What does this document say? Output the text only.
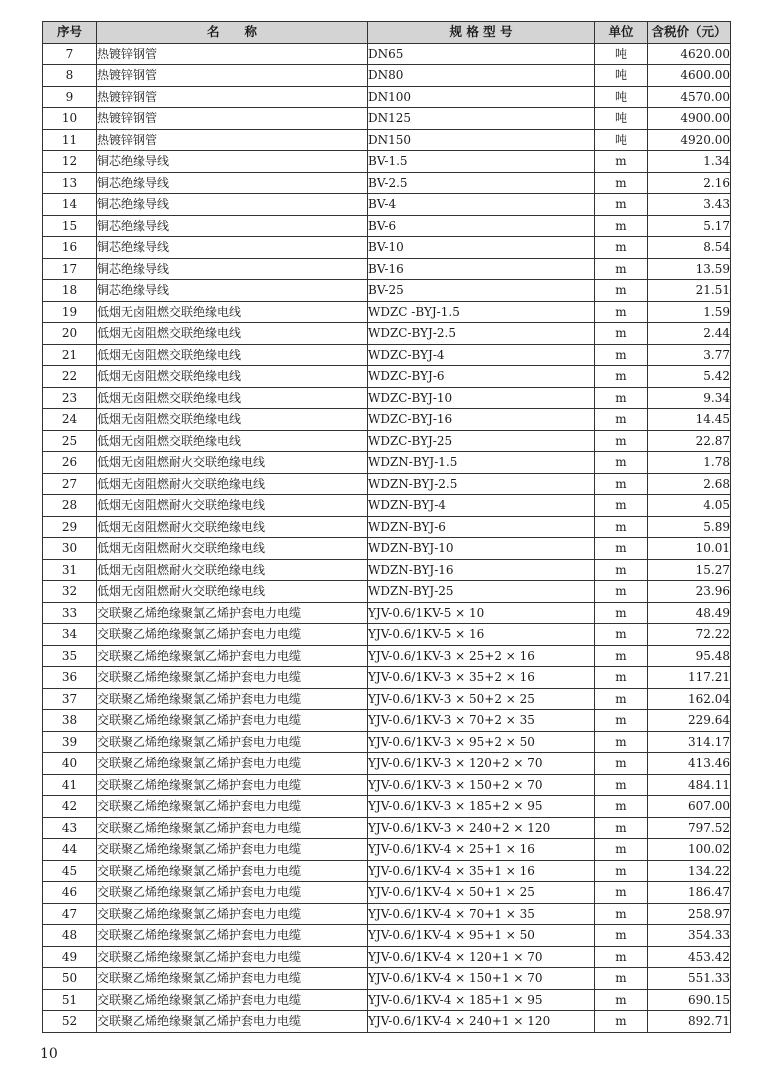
序号	名　　称	规 格 型 号	单位	含税价（元）
7	热镀锌钢管	DN65	吨	4620.00
8	热镀锌钢管	DN80	吨	4600.00
9	热镀锌钢管	DN100	吨	4570.00
10	热镀锌钢管	DN125	吨	4900.00
11	热镀锌钢管	DN150	吨	4920.00
12	铜芯绝缘导线	BV-1.5	m	1.34
13	铜芯绝缘导线	BV-2.5	m	2.16
14	铜芯绝缘导线	BV-4	m	3.43
15	铜芯绝缘导线	BV-6	m	5.17
16	铜芯绝缘导线	BV-10	m	8.54
17	铜芯绝缘导线	BV-16	m	13.59
18	铜芯绝缘导线	BV-25	m	21.51
19	低烟无卤阻燃交联绝缘电线	WDZC -BYJ-1.5	m	1.59
20	低烟无卤阻燃交联绝缘电线	WDZC-BYJ-2.5	m	2.44
21	低烟无卤阻燃交联绝缘电线	WDZC-BYJ-4	m	3.77
22	低烟无卤阻燃交联绝缘电线	WDZC-BYJ-6	m	5.42
23	低烟无卤阻燃交联绝缘电线	WDZC-BYJ-10	m	9.34
24	低烟无卤阻燃交联绝缘电线	WDZC-BYJ-16	m	14.45
25	低烟无卤阻燃交联绝缘电线	WDZC-BYJ-25	m	22.87
26	低烟无卤阻燃耐火交联绝缘电线	WDZN-BYJ-1.5	m	1.78
27	低烟无卤阻燃耐火交联绝缘电线	WDZN-BYJ-2.5	m	2.68
28	低烟无卤阻燃耐火交联绝缘电线	WDZN-BYJ-4	m	4.05
29	低烟无卤阻燃耐火交联绝缘电线	WDZN-BYJ-6	m	5.89
30	低烟无卤阻燃耐火交联绝缘电线	WDZN-BYJ-10	m	10.01
31	低烟无卤阻燃耐火交联绝缘电线	WDZN-BYJ-16	m	15.27
32	低烟无卤阻燃耐火交联绝缘电线	WDZN-BYJ-25	m	23.96
33	交联聚乙烯绝缘聚氯乙烯护套电力电缆	YJV-0.6/1KV-5 × 10	m	48.49
34	交联聚乙烯绝缘聚氯乙烯护套电力电缆	YJV-0.6/1KV-5 × 16	m	72.22
35	交联聚乙烯绝缘聚氯乙烯护套电力电缆	YJV-0.6/1KV-3 × 25+2 × 16	m	95.48
36	交联聚乙烯绝缘聚氯乙烯护套电力电缆	YJV-0.6/1KV-3 × 35+2 × 16	m	117.21
37	交联聚乙烯绝缘聚氯乙烯护套电力电缆	YJV-0.6/1KV-3 × 50+2 × 25	m	162.04
38	交联聚乙烯绝缘聚氯乙烯护套电力电缆	YJV-0.6/1KV-3 × 70+2 × 35	m	229.64
39	交联聚乙烯绝缘聚氯乙烯护套电力电缆	YJV-0.6/1KV-3 × 95+2 × 50	m	314.17
40	交联聚乙烯绝缘聚氯乙烯护套电力电缆	YJV-0.6/1KV-3 × 120+2 × 70	m	413.46
41	交联聚乙烯绝缘聚氯乙烯护套电力电缆	YJV-0.6/1KV-3 × 150+2 × 70	m	484.11
42	交联聚乙烯绝缘聚氯乙烯护套电力电缆	YJV-0.6/1KV-3 × 185+2 × 95	m	607.00
43	交联聚乙烯绝缘聚氯乙烯护套电力电缆	YJV-0.6/1KV-3 × 240+2 × 120	m	797.52
44	交联聚乙烯绝缘聚氯乙烯护套电力电缆	YJV-0.6/1KV-4 × 25+1 × 16	m	100.02
45	交联聚乙烯绝缘聚氯乙烯护套电力电缆	YJV-0.6/1KV-4 × 35+1 × 16	m	134.22
46	交联聚乙烯绝缘聚氯乙烯护套电力电缆	YJV-0.6/1KV-4 × 50+1 × 25	m	186.47
47	交联聚乙烯绝缘聚氯乙烯护套电力电缆	YJV-0.6/1KV-4 × 70+1 × 35	m	258.97
48	交联聚乙烯绝缘聚氯乙烯护套电力电缆	YJV-0.6/1KV-4 × 95+1 × 50	m	354.33
49	交联聚乙烯绝缘聚氯乙烯护套电力电缆	YJV-0.6/1KV-4 × 120+1 × 70	m	453.42
50	交联聚乙烯绝缘聚氯乙烯护套电力电缆	YJV-0.6/1KV-4 × 150+1 × 70	m	551.33
51	交联聚乙烯绝缘聚氯乙烯护套电力电缆	YJV-0.6/1KV-4 × 185+1 × 95	m	690.15
52	交联聚乙烯绝缘聚氯乙烯护套电力电缆	YJV-0.6/1KV-4 × 240+1 × 120	m	892.71
10
